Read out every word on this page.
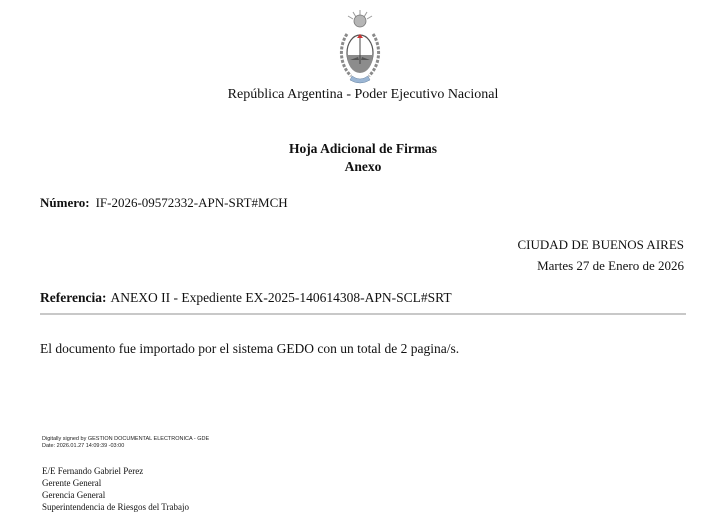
República Argentina - Poder Ejecutivo Nacional
Hoja Adicional de Firmas
Anexo
Número: IF-2026-09572332-APN-SRT#MCH
CIUDAD DE BUENOS AIRES
Martes 27 de Enero de 2026
Referencia: ANEXO II - Expediente EX-2025-140614308-APN-SCL#SRT
El documento fue importado por el sistema GEDO con un total de 2 pagina/s.
Digitally signed by GESTION DOCUMENTAL ELECTRONICA - GDE
Date: 2026.01.27 14:09:39 -03:00
E/E Fernando Gabriel Perez
Gerente General
Gerencia General
Superintendencia de Riesgos del Trabajo
